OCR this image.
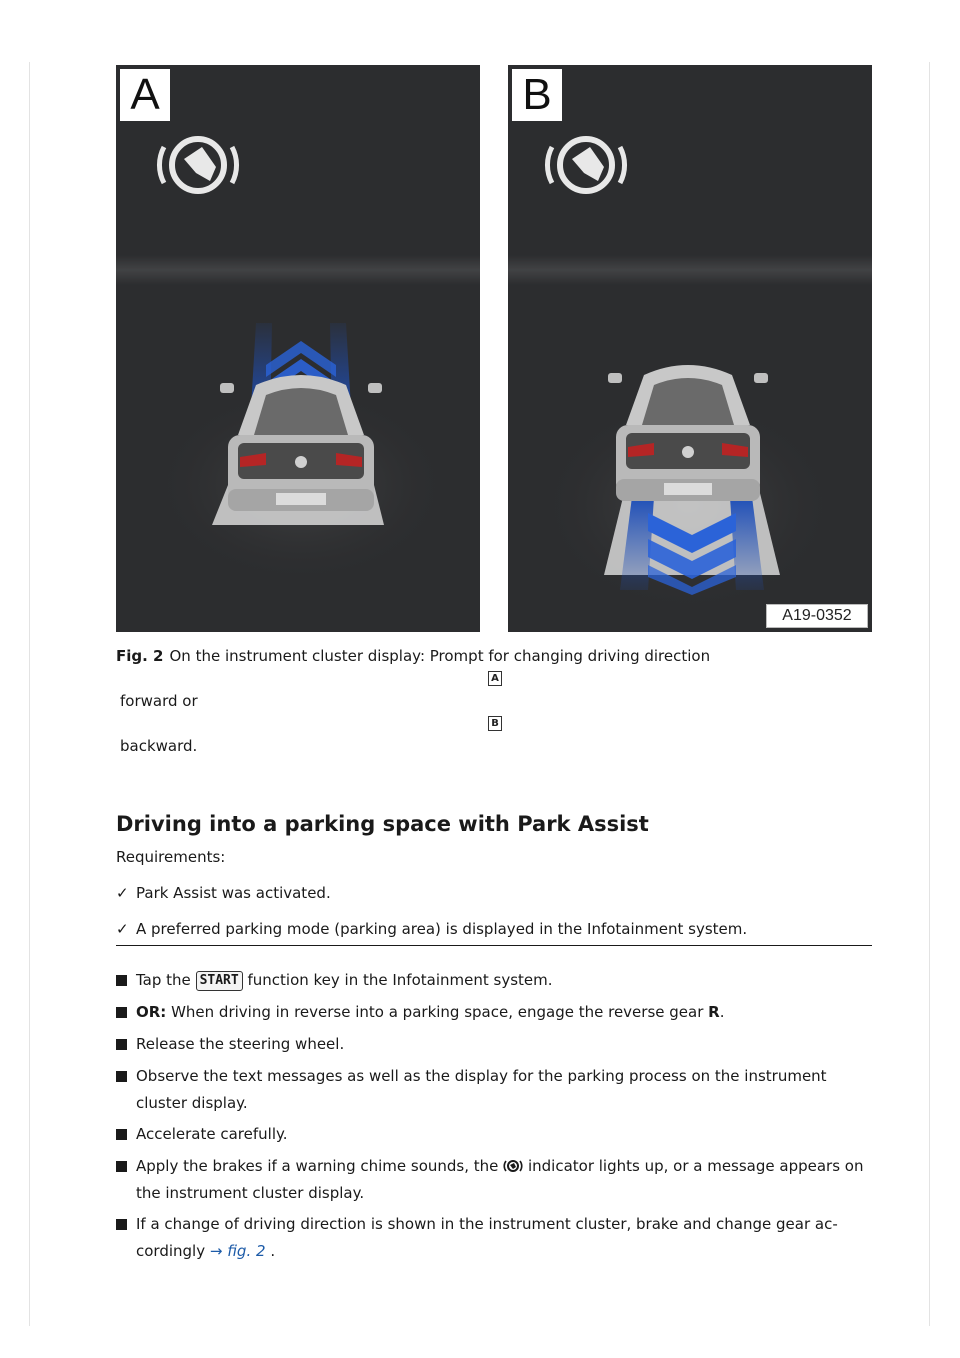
A	B
A19-0352
Fig. 2 On the instrument cluster display: Prompt for changing driving direction
A
forward or
B
backward.
Driving into a parking space with Park Assist
Requirements:
✓ Park Assist was activated.
✓ A preferred parking mode (parking area) is displayed in the Infotainment system.
Tap the START function key in the Infotainment system.
OR: When driving in reverse into a parking space, engage the reverse gear R.
Release the steering wheel.
Observe the text messages as well as the display for the parking process on the instrument cluster display.
Accelerate carefully.
Apply the brakes if a warning chime sounds, the indicator lights up, or a message appears on the instrument cluster display.
If a change of driving direction is shown in the instrument cluster, brake and change gear ac- cordingly → fig. 2 .
